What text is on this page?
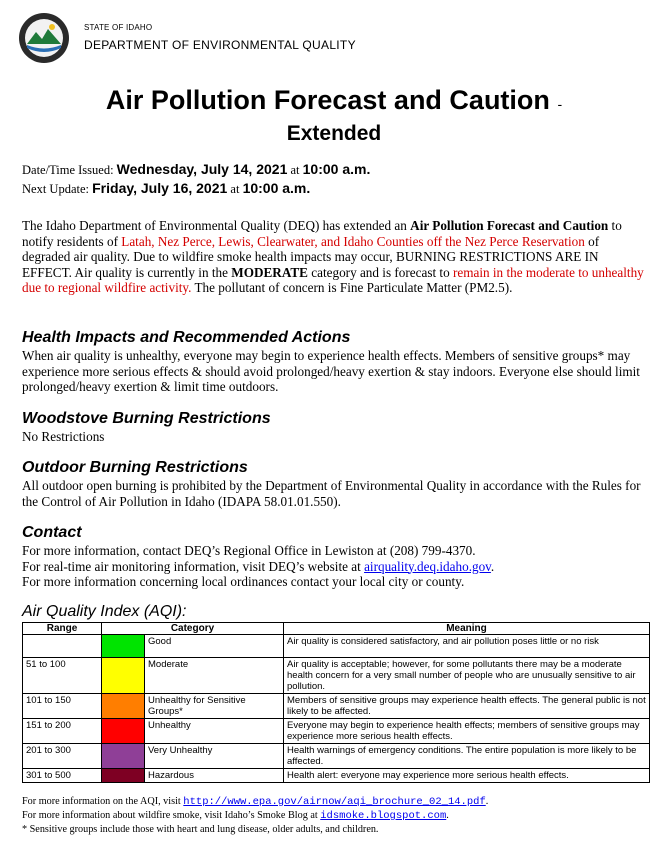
STATE OF IDAHO
DEPARTMENT OF ENVIRONMENTAL QUALITY
Air Pollution Forecast and Caution -
Extended
Date/Time Issued: Wednesday, July 14, 2021 at 10:00 a.m.
Next Update: Friday, July 16, 2021 at 10:00 a.m.
The Idaho Department of Environmental Quality (DEQ) has extended an Air Pollution Forecast and Caution to notify residents of Latah, Nez Perce, Lewis, Clearwater, and Idaho Counties off the Nez Perce Reservation of degraded air quality. Due to wildfire smoke health impacts may occur, BURNING RESTRICTIONS ARE IN EFFECT. Air quality is currently in the MODERATE category and is forecast to remain in the moderate to unhealthy due to regional wildfire activity. The pollutant of concern is Fine Particulate Matter (PM2.5).
Health Impacts and Recommended Actions
When air quality is unhealthy, everyone may begin to experience health effects. Members of sensitive groups* may experience more serious effects & should avoid prolonged/heavy exertion & stay indoors. Everyone else should limit prolonged/heavy exertion & limit time outdoors.
Woodstove Burning Restrictions
No Restrictions
Outdoor Burning Restrictions
All outdoor open burning is prohibited by the Department of Environmental Quality in accordance with the Rules for the Control of Air Pollution in Idaho (IDAPA 58.01.01.550).
Contact
For more information, contact DEQ’s Regional Office in Lewiston at (208) 799-4370.
For real-time air monitoring information, visit DEQ’s website at airquality.deq.idaho.gov.
For more information concerning local ordinances contact your local city or county.
Air Quality Index (AQI):
Range	Category		Meaning

	Good	Air quality is considered satisfactory, and air pollution poses little or no risk
51 to 100		Moderate	Air quality is acceptable; however, for some pollutants there may be a moderate health concern for a very small number of people who are unusually sensitive to air pollution.
101 to 150		Unhealthy for Sensitive Groups*	Members of sensitive groups may experience health effects. The general public is not likely to be affected.
151 to 200		Unhealthy	Everyone may begin to experience health effects; members of sensitive groups may experience more serious health effects.
201 to 300		Very Unhealthy	Health warnings of emergency conditions. The entire population is more likely to be affected.
301 to 500		Hazardous	Health alert: everyone may experience more serious health effects.
For more information on the AQI, visit http://www.epa.gov/airnow/aqi_brochure_02_14.pdf.
For more information about wildfire smoke, visit Idaho’s Smoke Blog at idsmoke.blogspot.com.
* Sensitive groups include those with heart and lung disease, older adults, and children.
